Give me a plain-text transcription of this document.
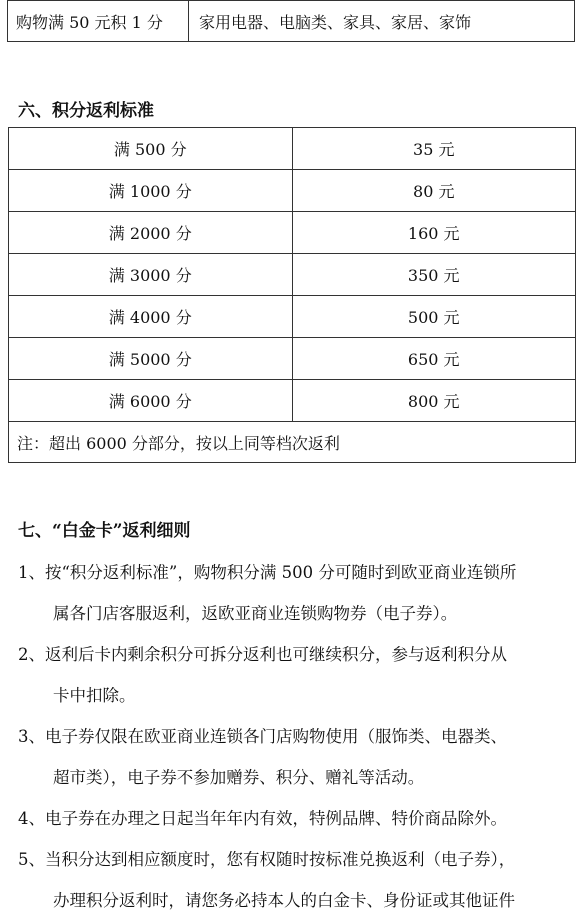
购物满 50 元积 1 分	家用电器、电脑类、家具、家居、家饰
六、积分返利标准
满 500 分	35 元
满 1000 分	80 元
满 2000 分	160 元
满 3000 分	350 元
满 4000 分	500 元
满 5000 分	650 元
满 6000 分	800 元
注：超出 6000 分部分，按以上同等档次返利	
七、“白金卡”返利细则

1、按“积分返利标准”，购物积分满 500 分可随时到欧亚商业连锁所
属各门店客服返利，返欧亚商业连锁购物券（电子券）。

2、返利后卡内剩余积分可拆分返利也可继续积分，参与返利积分从
卡中扣除。

3、电子券仅限在欧亚商业连锁各门店购物使用（服饰类、电器类、
超市类），电子券不参加赠券、积分、赠礼等活动。

4、电子券在办理之日起当年年内有效，特例品牌、特价商品除外。

5、当积分达到相应额度时，您有权随时按标准兑换返利（电子券），
办理积分返利时，请您务必持本人的白金卡、身份证或其他证件
